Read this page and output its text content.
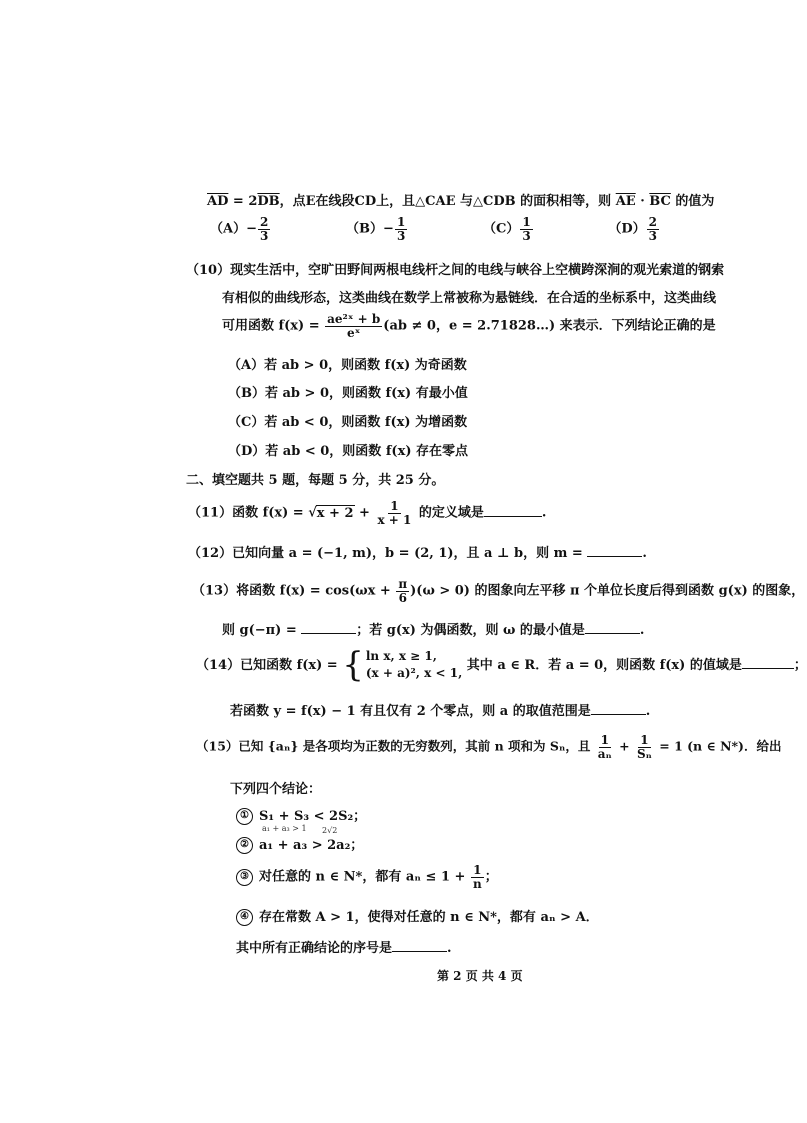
$\overline{AD} = 2\overline{DB}$，点E在线段CD上，且△CAE 与△CDB 的面积相等，则 $\overline{AE} \cdot \overline{BC}$ 的值为
$(A)- \frac{2}{3}$	$(B)- \frac{1}{3}$	$(C) \frac{1}{3}$	$(D) \frac{2}{3}$
（10）现实生活中，空旷田野间两根电线杆之间的电线与峡谷上空横跨深涧的观光索道的钢索
有相似的曲线形态，这类曲线在数学上常被称为悬链线．在合适的坐标系中，这类曲线
可用函数 $f(x) = \frac{\text{ae²ˣ + b}}{\text{eˣ}} (ab \ne 0$，e = 2.71828…) 来表示．下列结论正确的是
（A）若 ab > 0，则函数 f(x) 为奇函数
（B）若 ab > 0，则函数 f(x) 有最小值
（C）若 ab < 0，则函数 f(x) 为增函数
（D）若 ab < 0，则函数 f(x) 存在零点
二、填空题共 5 题，每题 5 分，共 25 分。
（11）函数 $f(x) = √x + 2 + \frac{1}{x + 1}$ 的定义域是	.
（12）已知向量 a = (−1, m)，b = (2, 1)，且 a ⊥ b，则 m =	.
（13）将函数 $f(x) = \cos(\omega x + \frac{\pi}{6} )(\omega > 0)$ 的图象向左平移 π 个单位长度后得到函数 g(x) 的图象，
则 g(−π) =	；若 g(x) 为偶函数，则 ω 的最小值是	.
（14）已知函数 f(x) = { ln x, x ≥ 1,
(x + a)², x < 1,
其中 a ∈ R．若 a = 0，则函数 f(x) 的值域是	；
若函数 y = f(x) − 1 有且仅有 2 个零点，则 a 的取值范围是	.
（15）已知 {aₙ} 是各项均为正数的无穷数列，其前 n 项和为 Sₙ，且 $\frac{1}{\text{aₙ}} + \frac{1}{\text{Sₙ}} = 1$ (n ∈ N*)．给出
下列四个结论：
① S₁ + S₃ < 2S₂；
a₁ + a₃ > 1
② a₁ + a₃ > 2a₂；
2√2
③ 对任意的 n ∈ N*，都有 $a_n \le 1 + \frac{1}{n}$ ；
④ 存在常数 A > 1，使得对任意的 n ∈ N*，都有 aₙ > A．
其中所有正确结论的序号是	.
第 2 页 共 4 页
